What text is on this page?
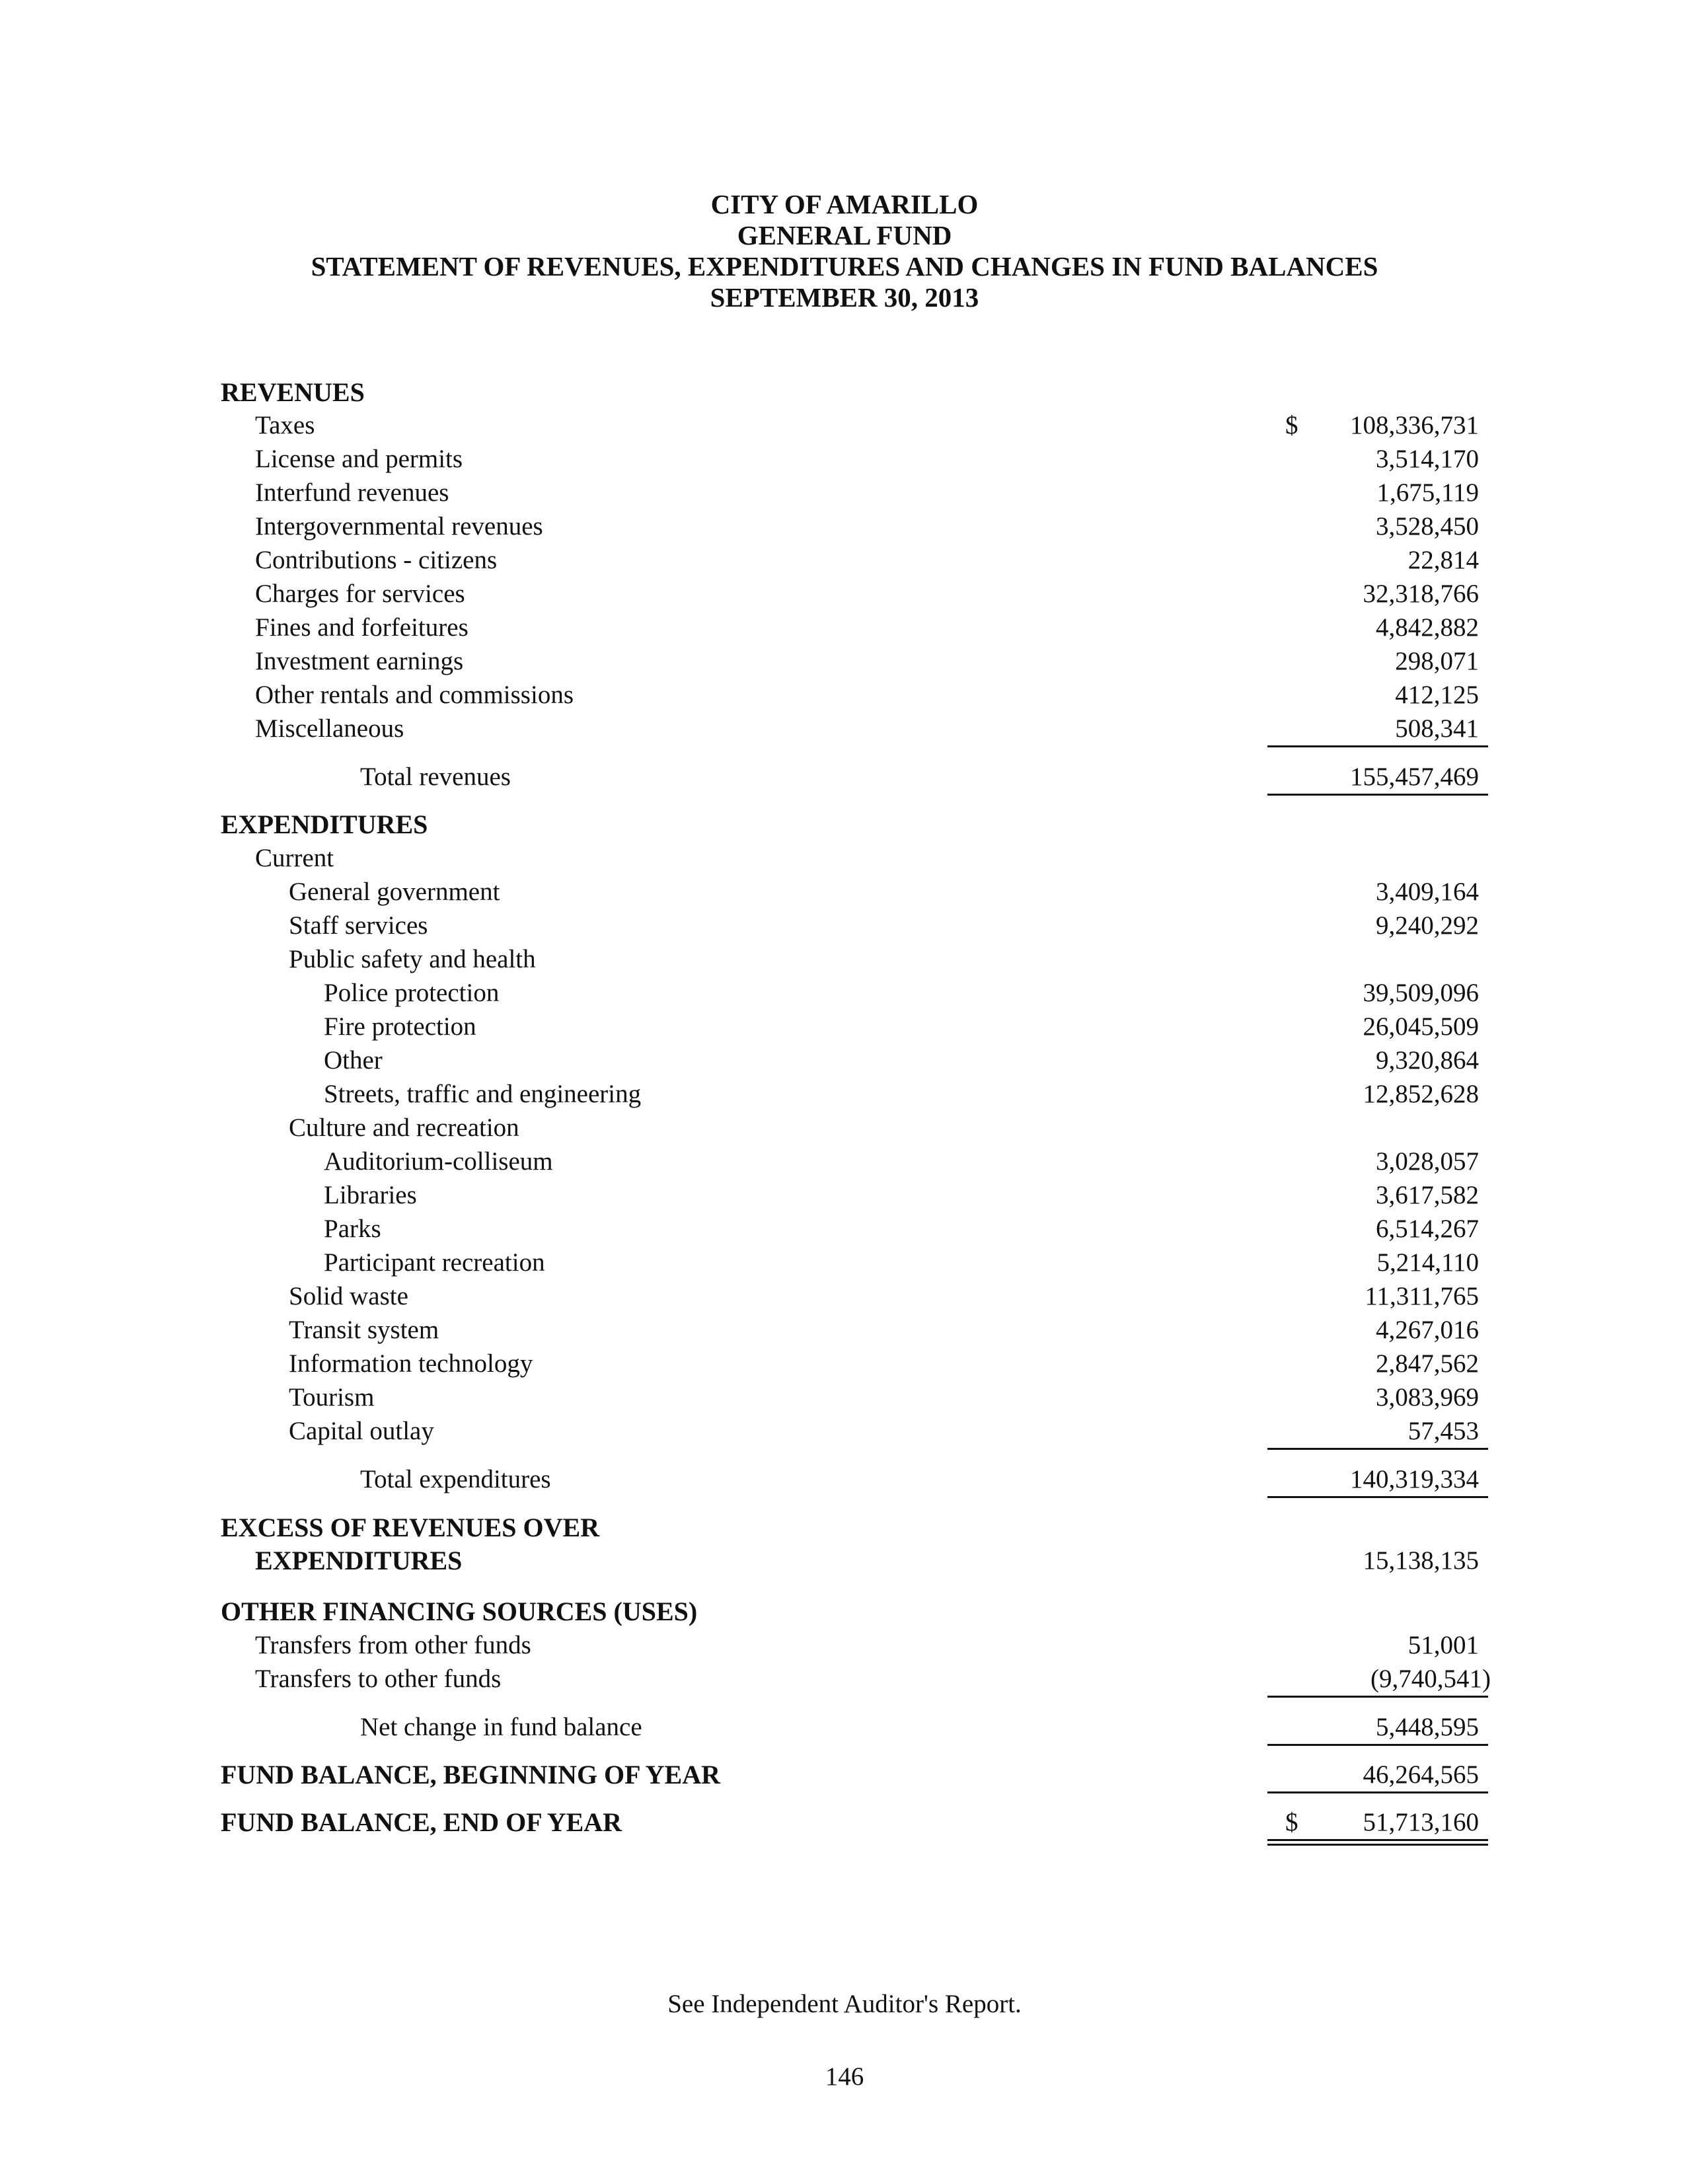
CITY OF AMARILLO
GENERAL FUND
STATEMENT OF REVENUES, EXPENDITURES AND CHANGES IN FUND BALANCES
SEPTEMBER 30, 2013
REVENUES
Taxes	$ 108,336,731
License and permits	3,514,170
Interfund revenues	1,675,119
Intergovernmental revenues	3,528,450
Contributions - citizens	22,814
Charges for services	32,318,766
Fines and forfeitures	4,842,882
Investment earnings	298,071
Other rentals and commissions	412,125
Miscellaneous	508,341
Total revenues	155,457,469
EXPENDITURES
Current
General government	3,409,164
Staff services	9,240,292
Public safety and health
Police protection	39,509,096
Fire protection	26,045,509
Other	9,320,864
Streets, traffic and engineering	12,852,628
Culture and recreation
Auditorium-colliseum	3,028,057
Libraries	3,617,582
Parks	6,514,267
Participant recreation	5,214,110
Solid waste	11,311,765
Transit system	4,267,016
Information technology	2,847,562
Tourism	3,083,969
Capital outlay	57,453
Total expenditures	140,319,334
EXCESS OF REVENUES OVER
EXPENDITURES	15,138,135
OTHER FINANCING SOURCES (USES)
Transfers from other funds	51,001
Transfers to other funds	(9,740,541)
Net change in fund balance	5,448,595
FUND BALANCE, BEGINNING OF YEAR	46,264,565
FUND BALANCE, END OF YEAR	$	51,713,160
See Independent Auditor's Report.
146
